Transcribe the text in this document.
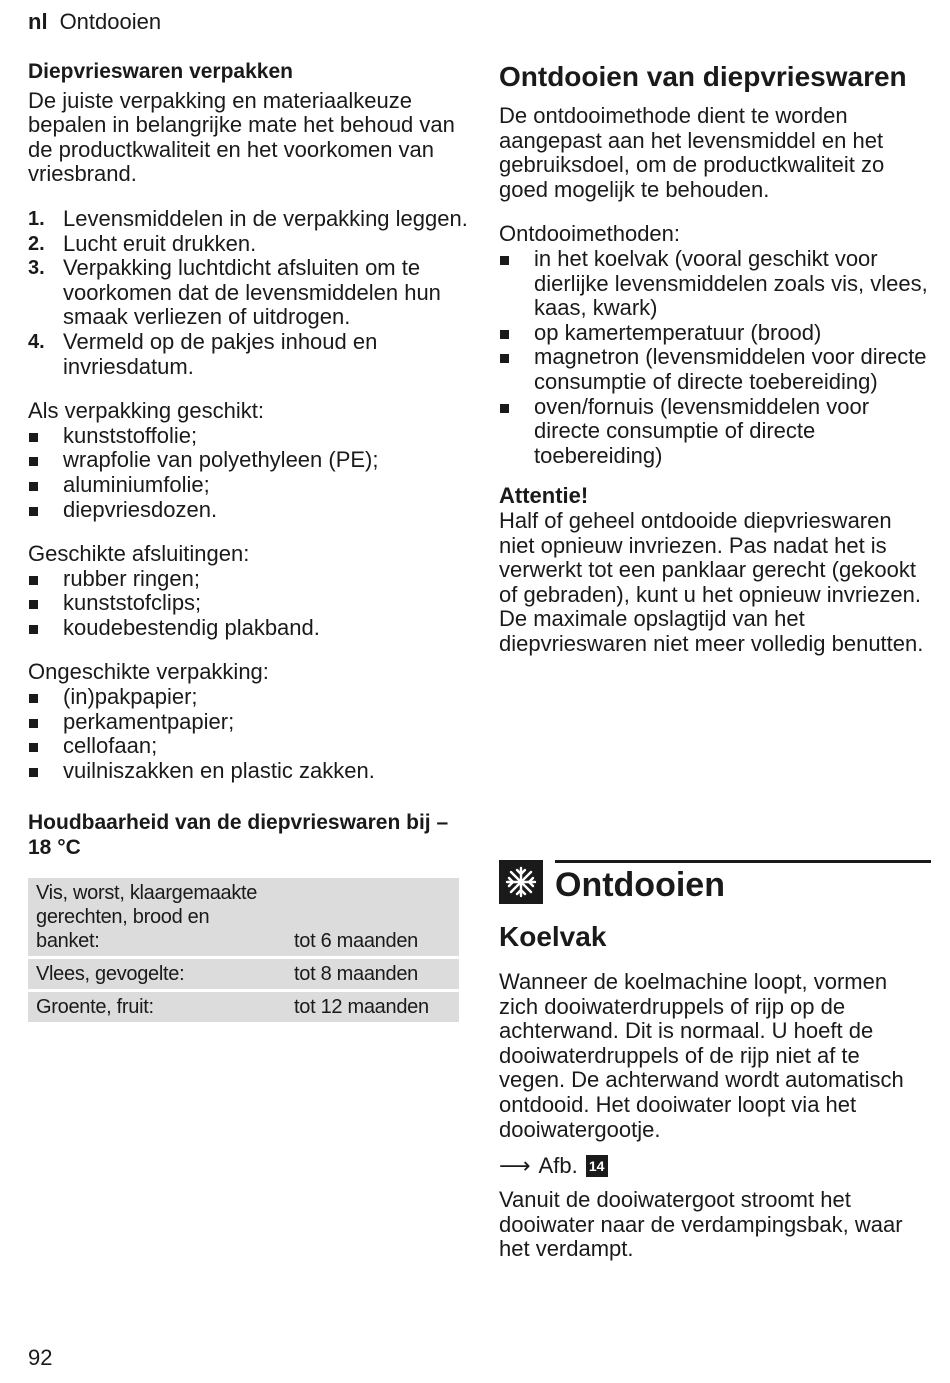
nl Ontdooien
Diepvrieswaren verpakken

De juiste verpakking en materiaalkeuze bepalen in belangrijke mate het behoud van de productkwaliteit en het voorkomen van vriesbrand.

1. Levensmiddelen in de verpakking leggen.
2. Lucht eruit drukken.
3. Verpakking luchtdicht afsluiten om te voorkomen dat de levensmiddelen hun smaak verliezen of uitdrogen.
4. Vermeld op de pakjes inhoud en invriesdatum.

Als verpakking geschikt:

kunststoffolie;
wrapfolie van polyethyleen (PE);
aluminiumfolie;
diepvriesdozen.

Geschikte afsluitingen:

rubber ringen;
kunststofclips;
koudebestendig plakband.

Ongeschikte verpakking:

(in)pakpapier;
perkamentpapier;
cellofaan;
vuilniszakken en plastic zakken.
Houdbaarheid van de diepvrieswaren bij –18 °C
Vis, worst, klaargemaakte gerechten, brood en banket:	tot 6 maanden
Vlees, gevogelte:	tot 8 maanden
Groente, fruit:	tot 12 maanden
Ontdooien van diepvrieswaren

De ontdooimethode dient te worden aangepast aan het levensmiddel en het gebruiksdoel, om de productkwaliteit zo goed mogelijk te behouden.

Ontdooimethoden:

in het koelvak (vooral geschikt voor dierlijke levensmiddelen zoals vis, vlees, kaas, kwark)
op kamertemperatuur (brood)
magnetron (levensmiddelen voor directe consumptie of directe toebereiding)
oven/fornuis (levensmiddelen voor directe consumptie of directe toebereiding)
Attentie!

Half of geheel ontdooide diepvrieswaren niet opnieuw invriezen. Pas nadat het is verwerkt tot een panklaar gerecht (gekookt of gebraden), kunt u het opnieuw invriezen.

De maximale opslagtijd van het diepvrieswaren niet meer volledig benutten.

Ontdooien
Koelvak

Wanneer de koelmachine loopt, vormen zich dooiwaterdruppels of rijp op de achterwand. Dit is normaal. U hoeft de dooiwaterdruppels of de rijp niet af te vegen. De achterwand wordt automatisch ontdooid. Het dooiwater loopt via het dooiwatergootje.

⟶ Afb. 14

Vanuit de dooiwatergoot stroomt het dooiwater naar de verdampingsbak, waar het verdampt.

92
